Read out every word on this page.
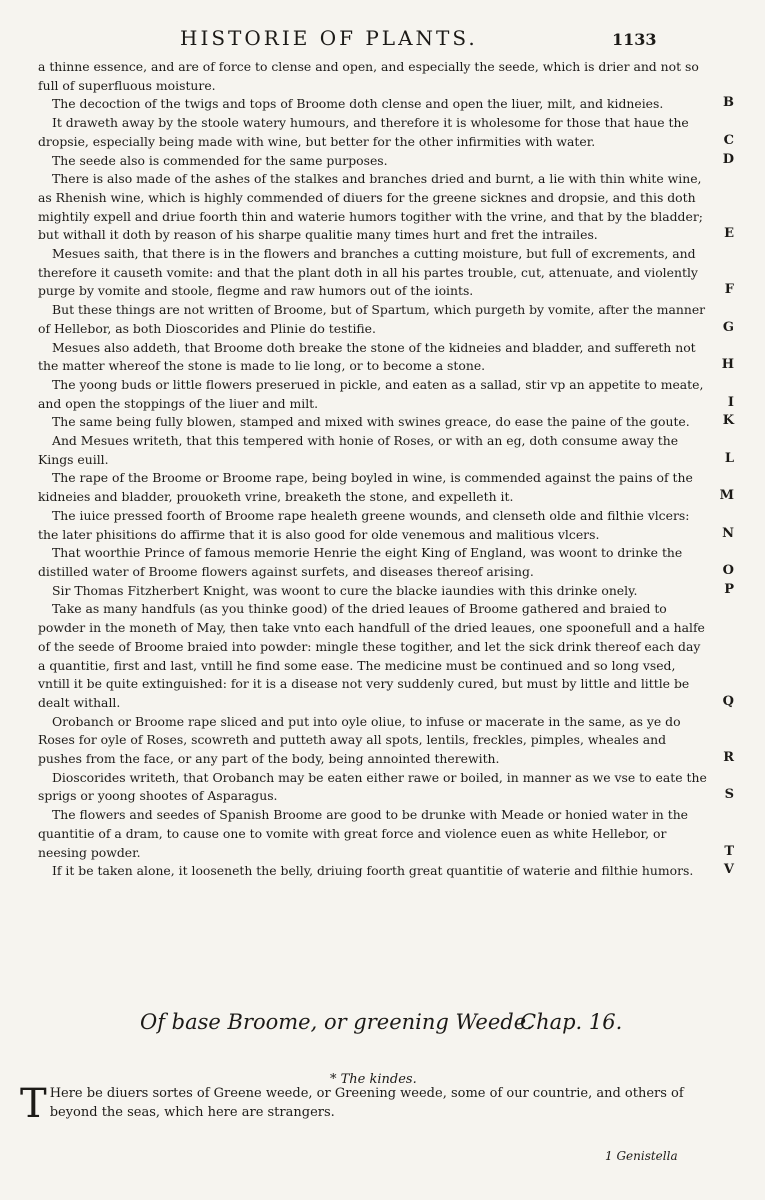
HISTORIE OF PLANTS.	1133

a thinne essence, and are of force to clense and open, and especially the seede, which is drier and not so full of superfluous moisture.

The decoction of the twigs and tops of Broome doth clense and open the liuer, milt, and kidneies.	B

It draweth away by the stoole watery humours, and therefore it is wholesome for those that haue the dropsie, especially being made with wine, but better for the other infirmities with water.	C

The seede also is commended for the same purposes.	D

There is also made of the ashes of the stalkes and branches dried and burnt, a lie with thin white wine, as Rhenish wine, which is highly commended of diuers for the greene sicknes and dropsie, and this doth mightily expell and driue foorth thin and waterie humors togither with the vrine, and that by the bladder; but withall it doth by reason of his sharpe qualitie many times hurt and fret the intrailes.	E

Mesues saith, that there is in the flowers and branches a cutting moisture, but full of excrements, and therefore it causeth vomite: and that the plant doth in all his partes trouble, cut, attenuate, and violently purge by vomite and stoole, flegme and raw humors out of the ioints.	F

But these things are not written of Broome, but of Spartum, which purgeth by vomite, after the manner of Hellebor, as both Dioscorides and Plinie do testifie.	G

Mesues also addeth, that Broome doth breake the stone of the kidneies and bladder, and suffereth not the matter whereof the stone is made to lie long, or to become a stone.	H

The yoong buds or little flowers preserued in pickle, and eaten as a sallad, stir vp an appetite to meate, and open the stoppings of the liuer and milt.	I

The same being fully blowen, stamped and mixed with swines greace, do ease the paine of the goute.	K

And Mesues writeth, that this tempered with honie of Roses, or with an eg, doth consume away the Kings euill.	L

The rape of the Broome or Broome rape, being boyled in wine, is commended against the pains of the kidneies and bladder, prouoketh vrine, breaketh the stone, and expelleth it.	M

The iuice pressed foorth of Broome rape healeth greene wounds, and clenseth olde and filthie vlcers: the later phisitions do affirme that it is also good for olde venemous and malitious vlcers.	N

That woorthie Prince of famous memorie Henrie the eight King of England, was woont to drinke the distilled water of Broome flowers against surfets, and diseases thereof arising.	O

Sir Thomas Fitzherbert Knight, was woont to cure the blacke iaundies with this drinke onely.	P

Take as many handfuls (as you thinke good) of the dried leaues of Broome gathered and braied to powder in the moneth of May, then take vnto each handfull of the dried leaues, one spoonefull and a halfe of the seede of Broome braied into powder: mingle these togither, and let the sick drink thereof each day a quantitie, first and last, vntill he find some ease. The medicine must be continued and so long vsed, vntill it be quite extinguished: for it is a disease not very suddenly cured, but must by little and little be dealt withall.	Q

Orobanch or Broome rape sliced and put into oyle oliue, to infuse or macerate in the same, as ye do Roses for oyle of Roses, scowreth and putteth away all spots, lentils, freckles, pimples, wheales and pushes from the face, or any part of the body, being annointed therewith.	R

Dioscorides writeth, that Orobanch may be eaten either rawe or boiled, in manner as we vse to eate the sprigs or yoong shootes of Asparagus.	S

The flowers and seedes of Spanish Broome are good to be drunke with Meade or honied water in the quantitie of a dram, to cause one to vomite with great force and violence euen as white Hellebor, or neesing powder.	T

If it be taken alone, it looseneth the belly, driuing foorth great quantitie of waterie and filthie humors.	V

Of base Broome, or greening Weede.
Chap. 16.
* The kindes.
T Here be diuers sortes of Greene weede, or Greening weede, some of our countrie, and others of beyond the seas, which here are strangers.
1 Genistella
